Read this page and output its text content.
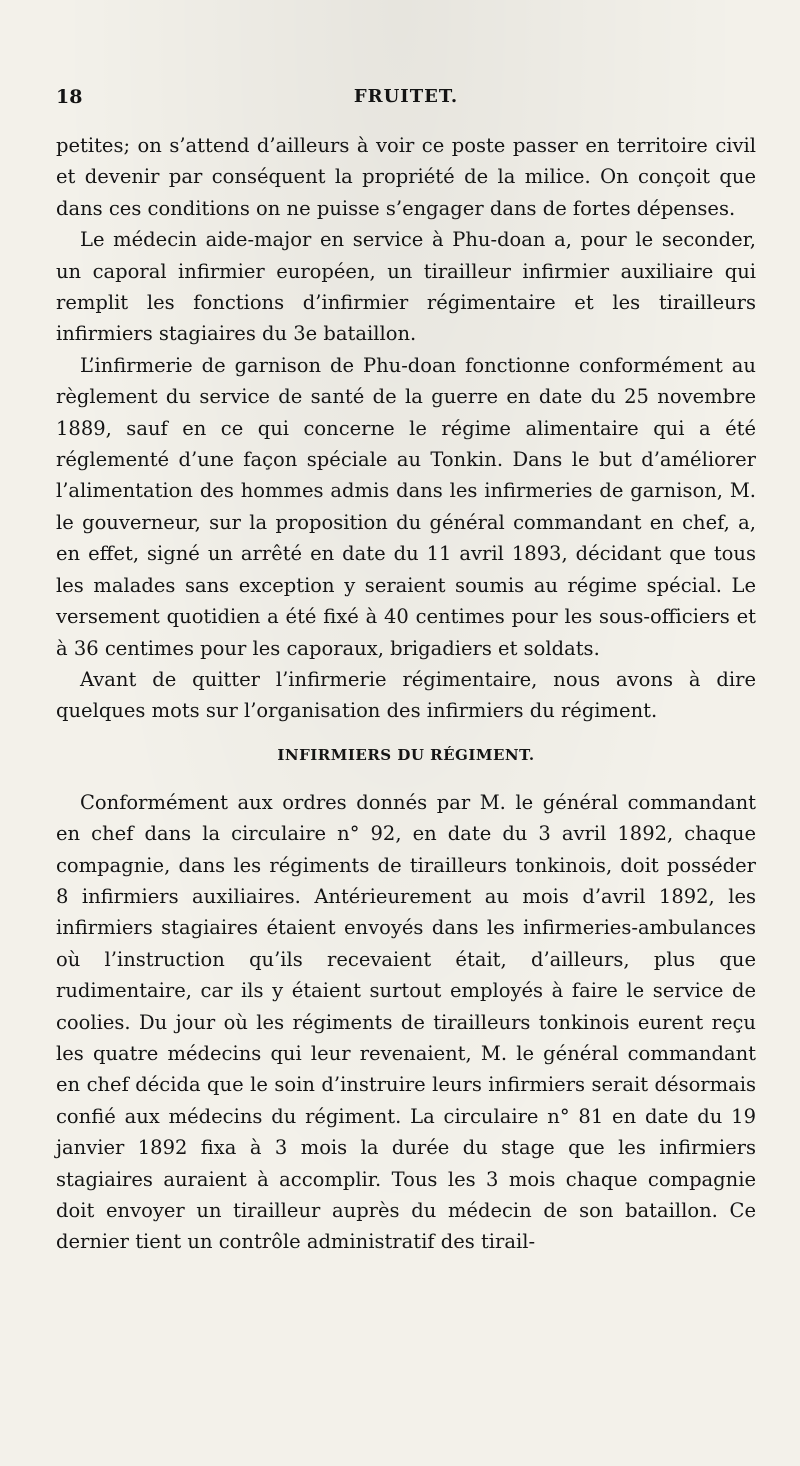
18	FRUITET.

petites; on s’attend d’ailleurs à voir ce poste passer en territoire civil et devenir par conséquent la propriété de la milice. On conçoit que dans ces conditions on ne puisse s’engager dans de fortes dépenses.

Le médecin aide-major en service à Phu-doan a, pour le seconder, un caporal infirmier européen, un tirailleur infirmier auxiliaire qui remplit les fonctions d’infirmier régimentaire et les tirailleurs infirmiers stagiaires du 3e bataillon.

L’infirmerie de garnison de Phu-doan fonctionne conformément au règlement du service de santé de la guerre en date du 25 novembre 1889, sauf en ce qui concerne le régime alimentaire qui a été réglementé d’une façon spéciale au Tonkin. Dans le but d’améliorer l’alimentation des hommes admis dans les infirmeries de garnison, M. le gouverneur, sur la proposition du général commandant en chef, a, en effet, signé un arrêté en date du 11 avril 1893, décidant que tous les malades sans exception y seraient soumis au régime spécial. Le versement quotidien a été fixé à 40 centimes pour les sous-officiers et à 36 centimes pour les caporaux, brigadiers et soldats.

Avant de quitter l’infirmerie régimentaire, nous avons à dire quelques mots sur l’organisation des infirmiers du régiment.

INFIRMIERS DU RÉGIMENT.

Conformément aux ordres donnés par M. le général commandant en chef dans la circulaire n° 92, en date du 3 avril 1892, chaque compagnie, dans les régiments de tirailleurs tonkinois, doit posséder 8 infirmiers auxiliaires. Antérieurement au mois d’avril 1892, les infirmiers stagiaires étaient envoyés dans les infirmeries-ambulances où l’instruction qu’ils recevaient était, d’ailleurs, plus que rudimentaire, car ils y étaient surtout employés à faire le service de coolies. Du jour où les régiments de tirailleurs tonkinois eurent reçu les quatre médecins qui leur revenaient, M. le général commandant en chef décida que le soin d’instruire leurs infirmiers serait désormais confié aux médecins du régiment. La circulaire n° 81 en date du 19 janvier 1892 fixa à 3 mois la durée du stage que les infirmiers stagiaires auraient à accomplir. Tous les 3 mois chaque compagnie doit envoyer un tirailleur auprès du médecin de son bataillon. Ce dernier tient un contrôle administratif des tirail-
